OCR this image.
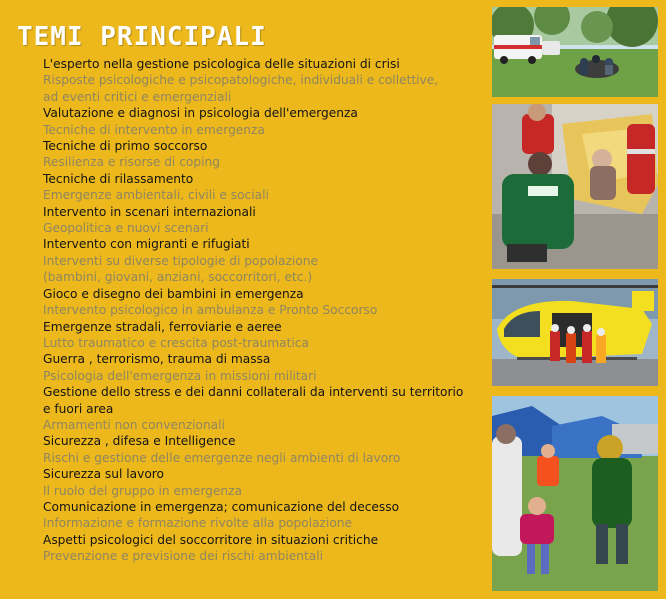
TEMI PRINCIPALI
L'esperto nella gestione psicologica delle situazioni di crisi
Risposte psicologiche e psicopatologiche, individuali e collettive,
ad eventi critici e emergenziali
Valutazione e diagnosi in psicologia dell'emergenza
Tecniche di intervento in emergenza
Tecniche di primo soccorso
Resilienza e risorse di coping
Tecniche di rilassamento
Emergenze ambientali, civili e sociali
Intervento in scenari internazionali
Geopolitica e nuovi scenari
Intervento con migranti e rifugiati
Interventi su diverse tipologie di popolazione
(bambini, giovani, anziani, soccorritori, etc.)
Gioco e disegno dei bambini in emergenza
Intervento psicologico in ambulanza e Pronto Soccorso
Emergenze stradali, ferroviarie e aeree
Lutto traumatico e crescita post-traumatica
Guerra , terrorismo, trauma di massa
Psicologia dell'emergenza in missioni militari
Gestione dello stress e dei danni collaterali da interventi su territorio
e fuori area
Armamenti non convenzionali
Sicurezza , difesa e Intelligence
Rischi e gestione delle emergenze negli ambienti di lavoro
Sicurezza sul lavoro
Il ruolo del gruppo in emergenza
Comunicazione in emergenza; comunicazione del decesso
Informazione e formazione rivolte alla popolazione
Aspetti psicologici del soccorritore in situazioni critiche
Prevenzione e previsione dei rischi ambientali
